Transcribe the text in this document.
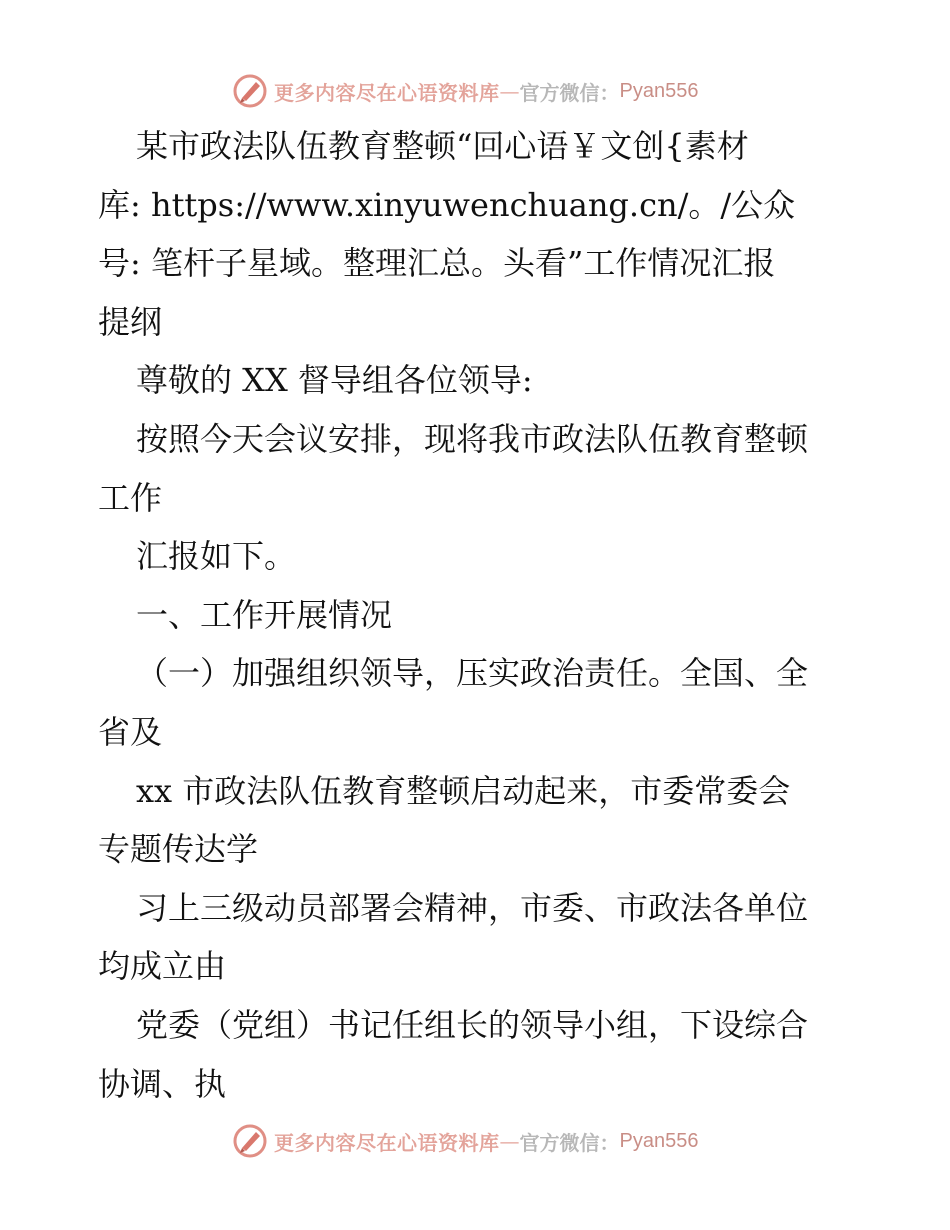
更多内容尽在心语资料库 — 官方微信： Pyan556
某市政法队伍教育整顿“回心语￥文创{素材
库: https://www.xinyuwenchuang.cn/。/公众
号: 笔杆子星域。整理汇总。头看”工作情况汇报
提纲
尊敬的 XX 督导组各位领导:
按照今天会议安排，现将我市政法队伍教育整顿
工作
汇报如下。
一、工作开展情况
（一）加强组织领导，压实政治责任。全国、全
省及
xx 市政法队伍教育整顿启动起来，市委常委会
专题传达学
习上三级动员部署会精神，市委、市政法各单位
均成立由
党委（党组）书记任组长的领导小组，下设综合
协调、执
更多内容尽在心语资料库 — 官方微信： Pyan556
